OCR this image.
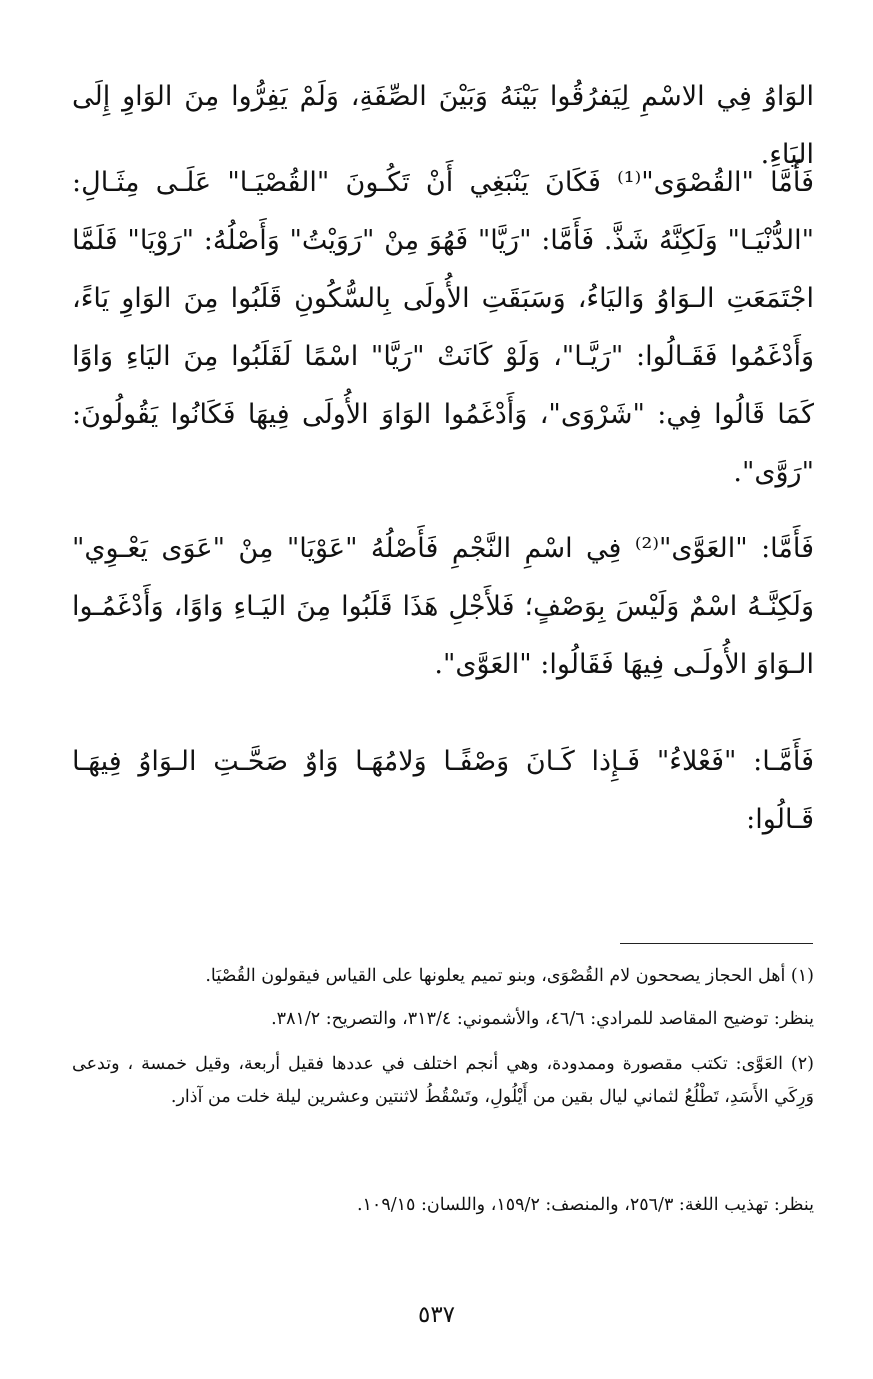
الوَاوُ فِي الاسْمِ لِيَفرُقُوا بَيْنَهُ وَبَيْنَ الصِّفَةِ، وَلَمْ يَفِرُّوا مِنَ الوَاوِ إِلَى اليَاءِ.

فَأَمَّا "القُصْوَى"⁽¹⁾ فَكَانَ يَنْبَغِي أَنْ تَكُـونَ "القُصْيَـا" عَلَـى مِثَـالِ: "الدُّنْيَـا" وَلَكِنَّهُ شَذَّ. فَأَمَّا: "رَيَّا" فَهُوَ مِنْ "رَوَيْتُ" وَأَصْلُهُ: "رَوْيَا" فَلَمَّا اجْتَمَعَتِ الـوَاوُ وَاليَاءُ، وَسَبَقَتِ الأُولَى بِالسُّكُونِ قَلَبُوا مِنَ الوَاوِ يَاءً، وَأَدْغَمُوا فَقَـالُوا: "رَيَّـا"، وَلَوْ كَانَتْ "رَيَّا" اسْمًا لَقَلَبُوا مِنَ اليَاءِ وَاوًا كَمَا قَالُوا فِي: "شَرْوَى"، وَأَدْغَمُوا الوَاوَ الأُولَى فِيهَا فَكَانُوا يَقُولُونَ: "رَوَّى".

فَأَمَّا: "العَوَّى"⁽²⁾ فِي اسْمِ النَّجْمِ فَأَصْلُهُ "عَوْيَا" مِنْ "عَوَى يَعْـوِي" وَلَكِنَّـهُ اسْمٌ وَلَيْسَ بِوَصْفٍ؛ فَلأَجْلِ هَذَا قَلَبُوا مِنَ اليَـاءِ وَاوًا، وَأَدْغَمُـوا الـوَاوَ الأُولَـى فِيهَا فَقَالُوا: "العَوَّى".

فَأَمَّـا: "فَعْلاءُ" فَـإِذا كَـانَ وَصْفًـا وَلامُهَـا وَاوٌ صَحَّـتِ الـوَاوُ فِيهَـا قَـالُوا:

(١) أهل الحجاز يصححون لام القُصْوَى، وبنو تميم يعلونها على القياس فيقولون القُصْيَا.

ينظر: توضيح المقاصد للمرادي: ٤٦/٦، والأشموني: ٣١٣/٤، والتصريح: ٣٨١/٢.

(٢) العَوَّى: تكتب مقصورة وممدودة، وهي أنجم اختلف في عددها فقيل أربعة، وقيل خمسة ، وتدعى وَرِكَي الأَسَدِ، تَطْلُعُ لثماني ليال بقين من أَيْلُولِ، وتَسْقُطُ لاثنتين وعشرين ليلة خلت من آذار.

ينظر: تهذيب اللغة: ٢٥٦/٣، والمنصف: ١٥٩/٢، واللسان: ١٠٩/١٥.

٥٣٧
